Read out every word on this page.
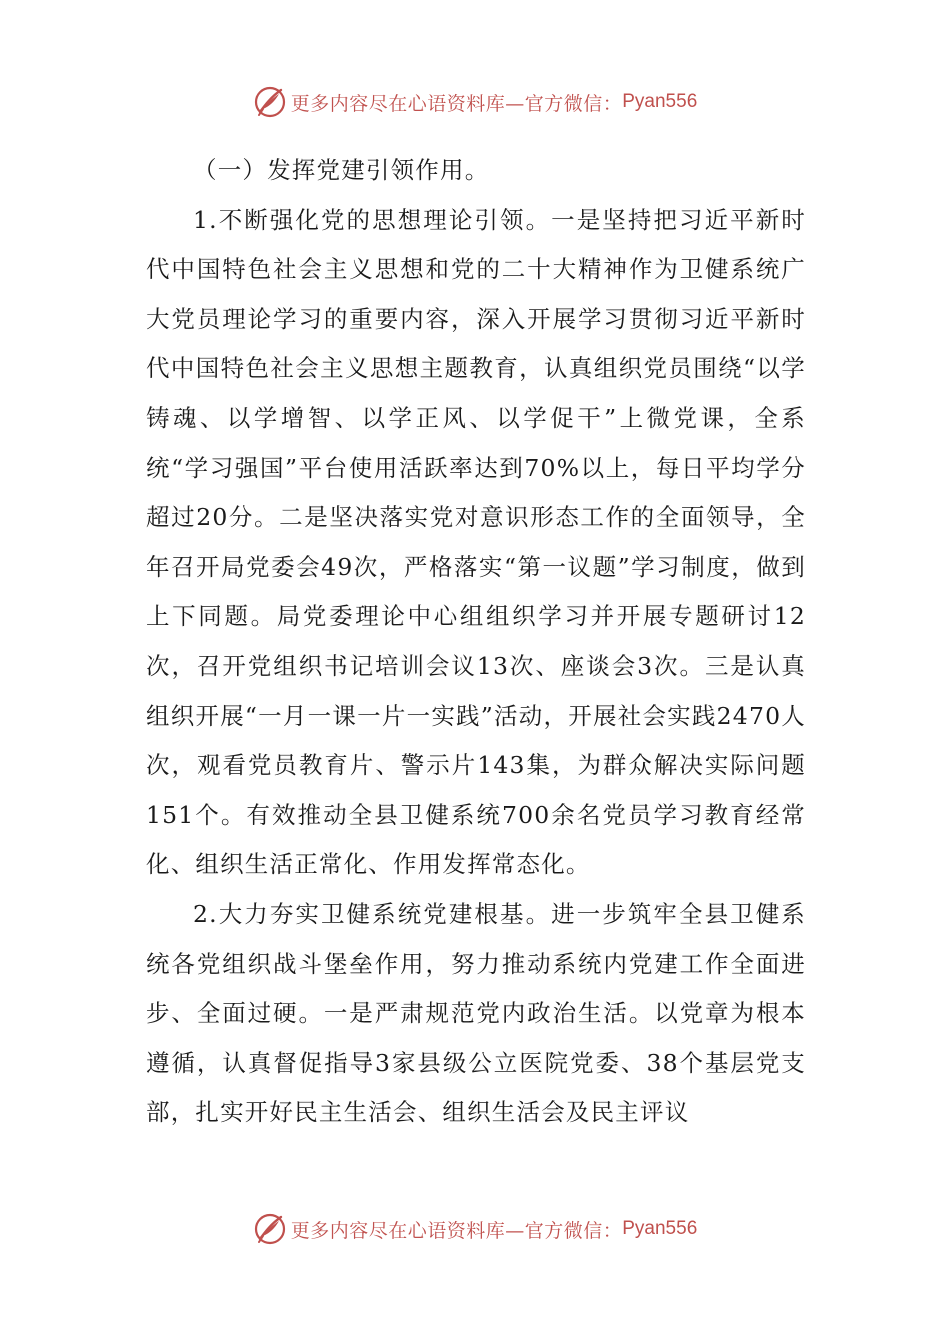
更多内容尽在心语资料库—官方微信： Pyan556

（一）发挥党建引领作用。

1.不断强化党的思想理论引领。一是坚持把习近平新时代中国特色社会主义思想和党的二十大精神作为卫健系统广大党员理论学习的重要内容，深入开展学习贯彻习近平新时代中国特色社会主义思想主题教育，认真组织党员围绕“以学铸魂、以学增智、以学正风、以学促干”上微党课，全系统“学习强国”平台使用活跃率达到70%以上，每日平均学分超过20分。二是坚决落实党对意识形态工作的全面领导，全年召开局党委会49次，严格落实“第一议题”学习制度，做到上下同题。局党委理论中心组组织学习并开展专题研讨12次，召开党组织书记培训会议13次、座谈会3次。三是认真组织开展“一月一课一片一实践”活动，开展社会实践2470人次，观看党员教育片、警示片143集，为群众解决实际问题151个。有效推动全县卫健系统700余名党员学习教育经常化、组织生活正常化、作用发挥常态化。

2.大力夯实卫健系统党建根基。进一步筑牢全县卫健系统各党组织战斗堡垒作用，努力推动系统内党建工作全面进步、全面过硬。一是严肃规范党内政治生活。以党章为根本遵循，认真督促指导3家县级公立医院党委、38个基层党支部，扎实开好民主生活会、组织生活会及民主评议

更多内容尽在心语资料库—官方微信： Pyan556
